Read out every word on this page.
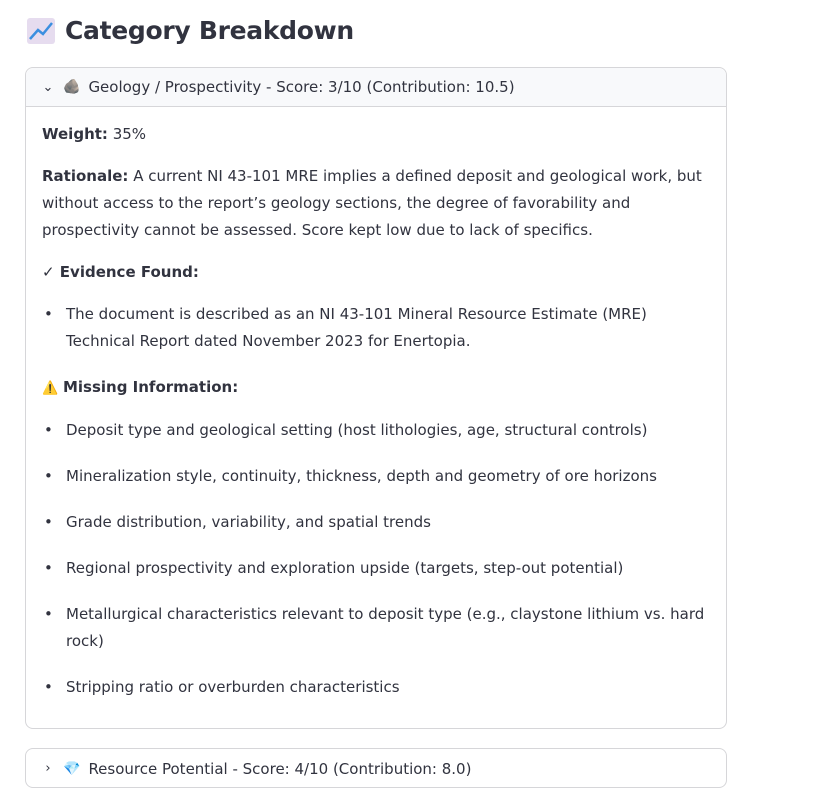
Category Breakdown
⌄ 🪨 Geology / Prospectivity - Score: 3/10 (Contribution: 10.5)

Weight: 35%

Rationale: A current NI 43-101 MRE implies a defined deposit and geological work, but without access to the report’s geology sections, the degree of favorability and prospectivity cannot be assessed. Score kept low due to lack of specifics.

✓ Evidence Found:

• The document is described as an NI 43-101 Mineral Resource Estimate (MRE) Technical Report dated November 2023 for Enertopia.

⚠️ Missing Information:

• Deposit type and geological setting (host lithologies, age, structural controls)
• Mineralization style, continuity, thickness, depth and geometry of ore horizons
• Grade distribution, variability, and spatial trends
• Regional prospectivity and exploration upside (targets, step-out potential)
• Metallurgical characteristics relevant to deposit type (e.g., claystone lithium vs. hard rock)
• Stripping ratio or overburden characteristics
› 💎 Resource Potential - Score: 4/10 (Contribution: 8.0)
